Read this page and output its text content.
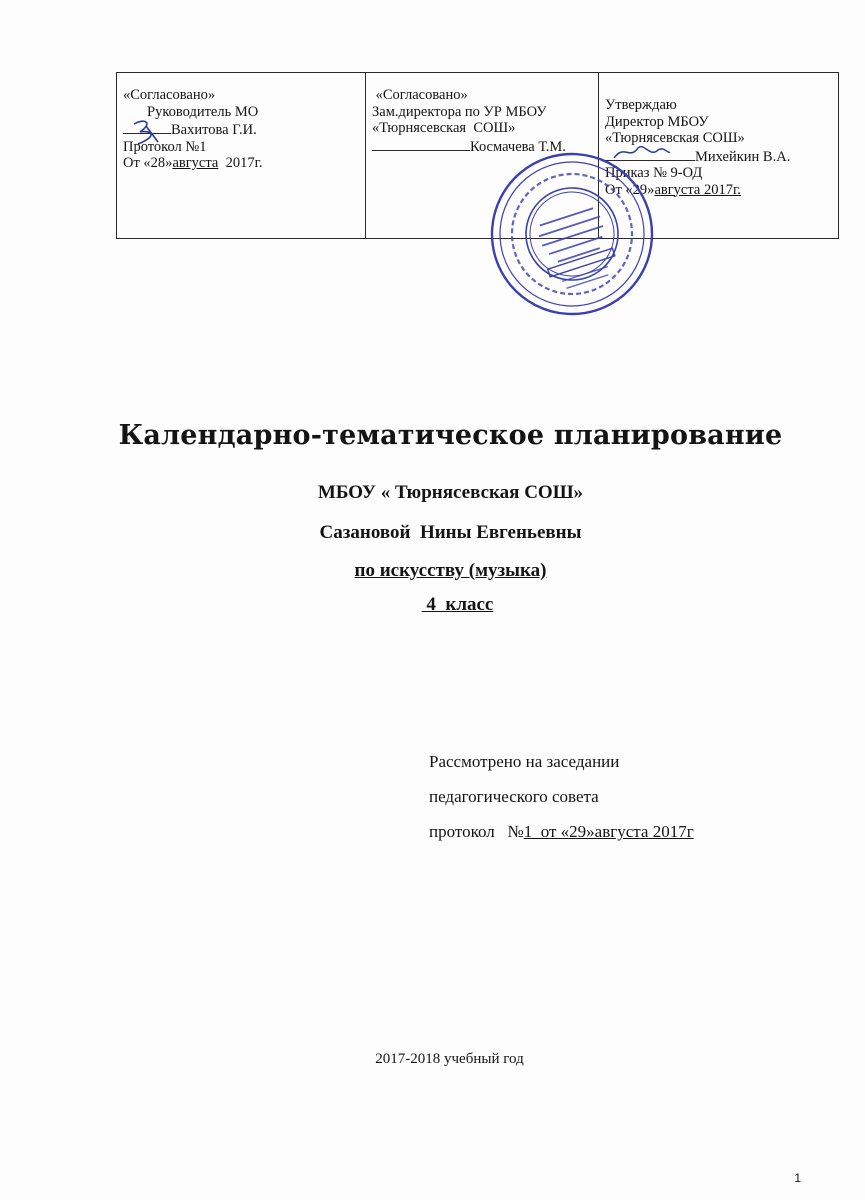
«Согласовано»
Руководитель МО
Вахитова Г.И.
Протокол №1
От «28»августа  2017г.

«Согласовано»
Зам.директора по УР МБОУ
«Тюрнясевская  СОШ»
Космачева Т.М.

Утверждаю
Директор МБОУ
«Тюрнясевская СОШ»
Михейкин В.А.
Приказ № 9-ОД
От «29»августа 2017г.

Календарно-тематическое планирование

МБОУ « Тюрнясевская СОШ»

Сазановой  Нины Евгеньевны

по искусству (музыка)

4  класс

Рассмотрено на заседании
педагогического совета
протокол   №1  от «29»августа 2017г
2017-2018 учебный год
1
